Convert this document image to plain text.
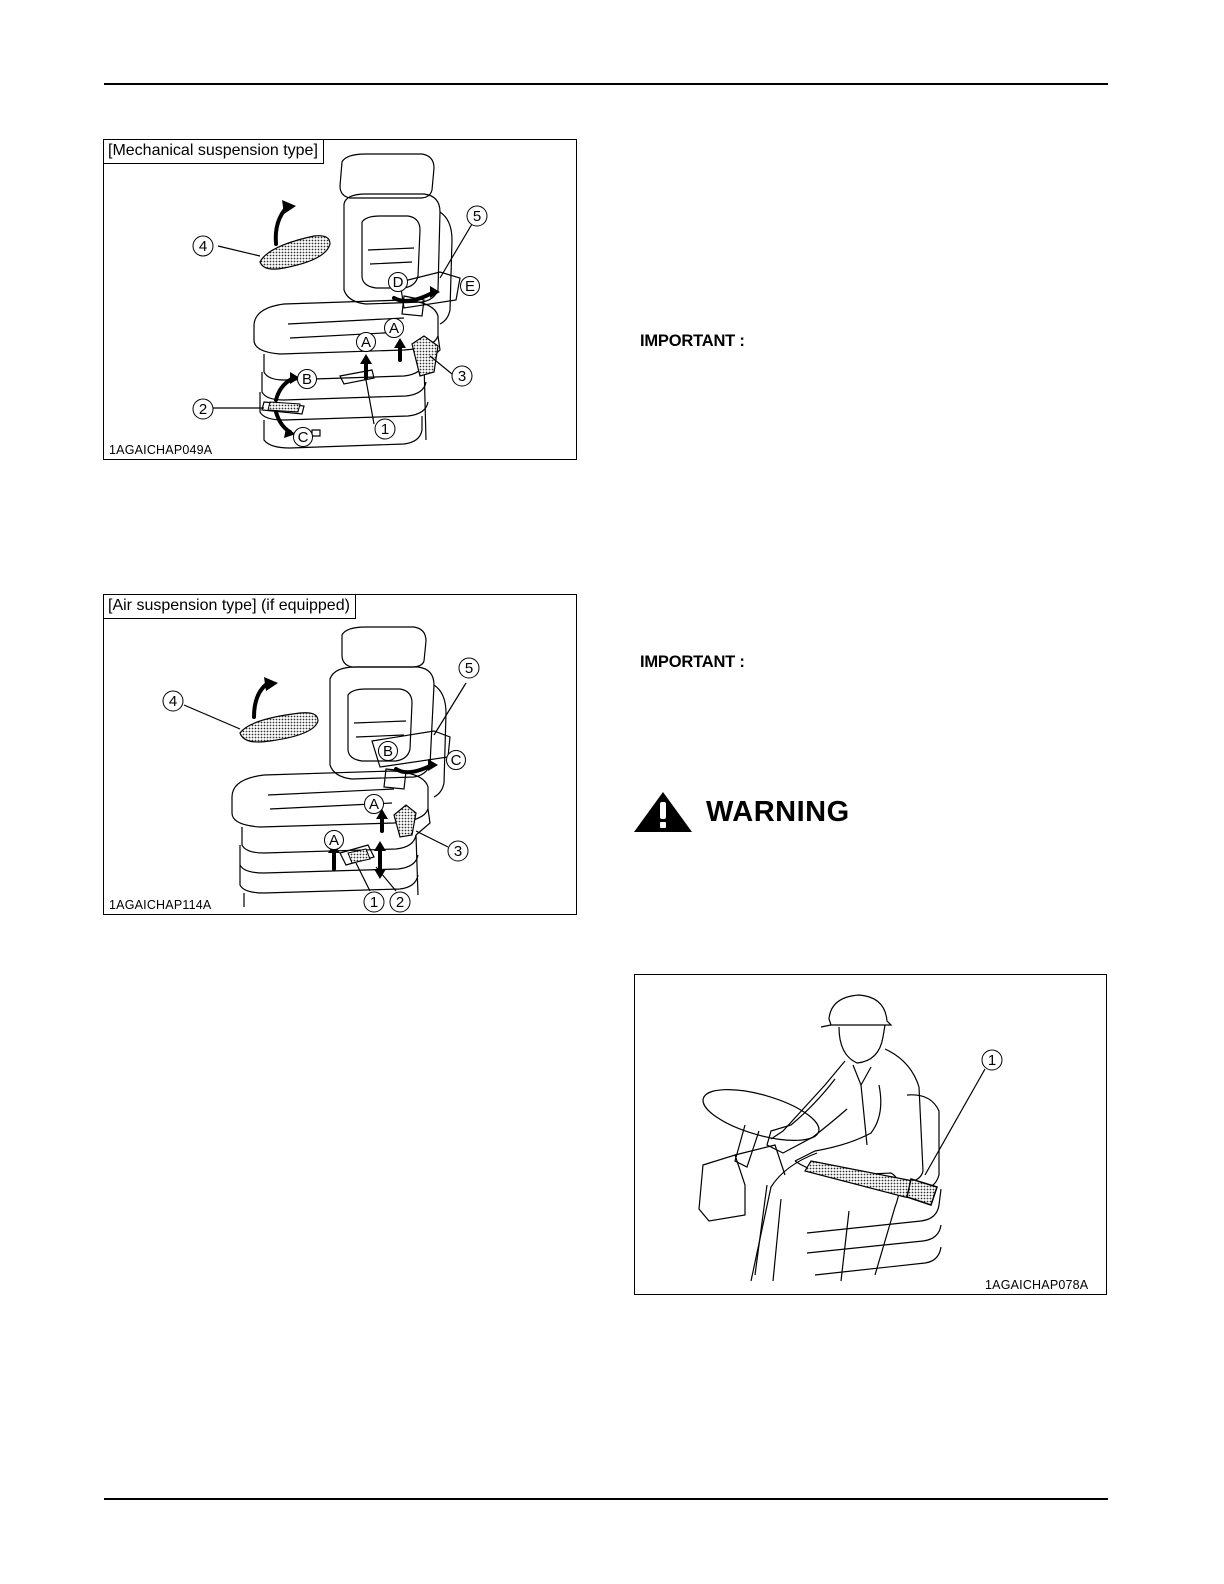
4
5
D	E
A
A
3
B
2
1
C
[Mechanical suspension type]
1AGAICHAP049A
4
5
B
C
A
A
3
1 2
[Air suspension type] (if equipped)
1AGAICHAP114A
IMPORTANT :
IMPORTANT :
WARNING
1
1AGAICHAP078A
